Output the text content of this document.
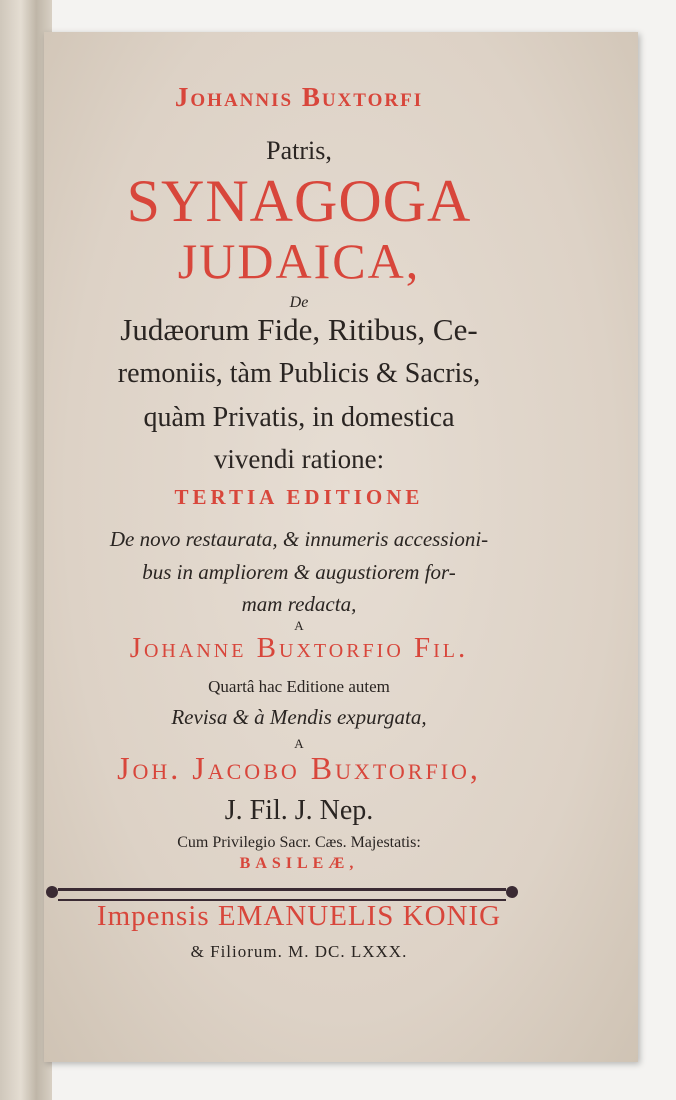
Johannis Buxtorfi
Patris,
SYNAGOGA
JUDAICA,
De
Judæorum Fide, Ritibus, Ce-
remoniis, tàm Publicis & Sacris,
quàm Privatis, in domestica
vivendi ratione:
TERTIA EDITIONE
De novo restaurata, & innumeris accessioni-
bus in ampliorem & augustiorem for-
mam redacta,
A
Johanne Buxtorfio Fil.
Quartâ hac Editione autem
Revisa & à Mendis expurgata,
A
Joh. Jacobo Buxtorfio,
J. Fil. J. Nep.
Cum Privilegio Sacr. Cæs. Majestatis:
BASILEÆ,
Impensis EMANUELIS KONIG
& Filiorum. M. DC. LXXX.
